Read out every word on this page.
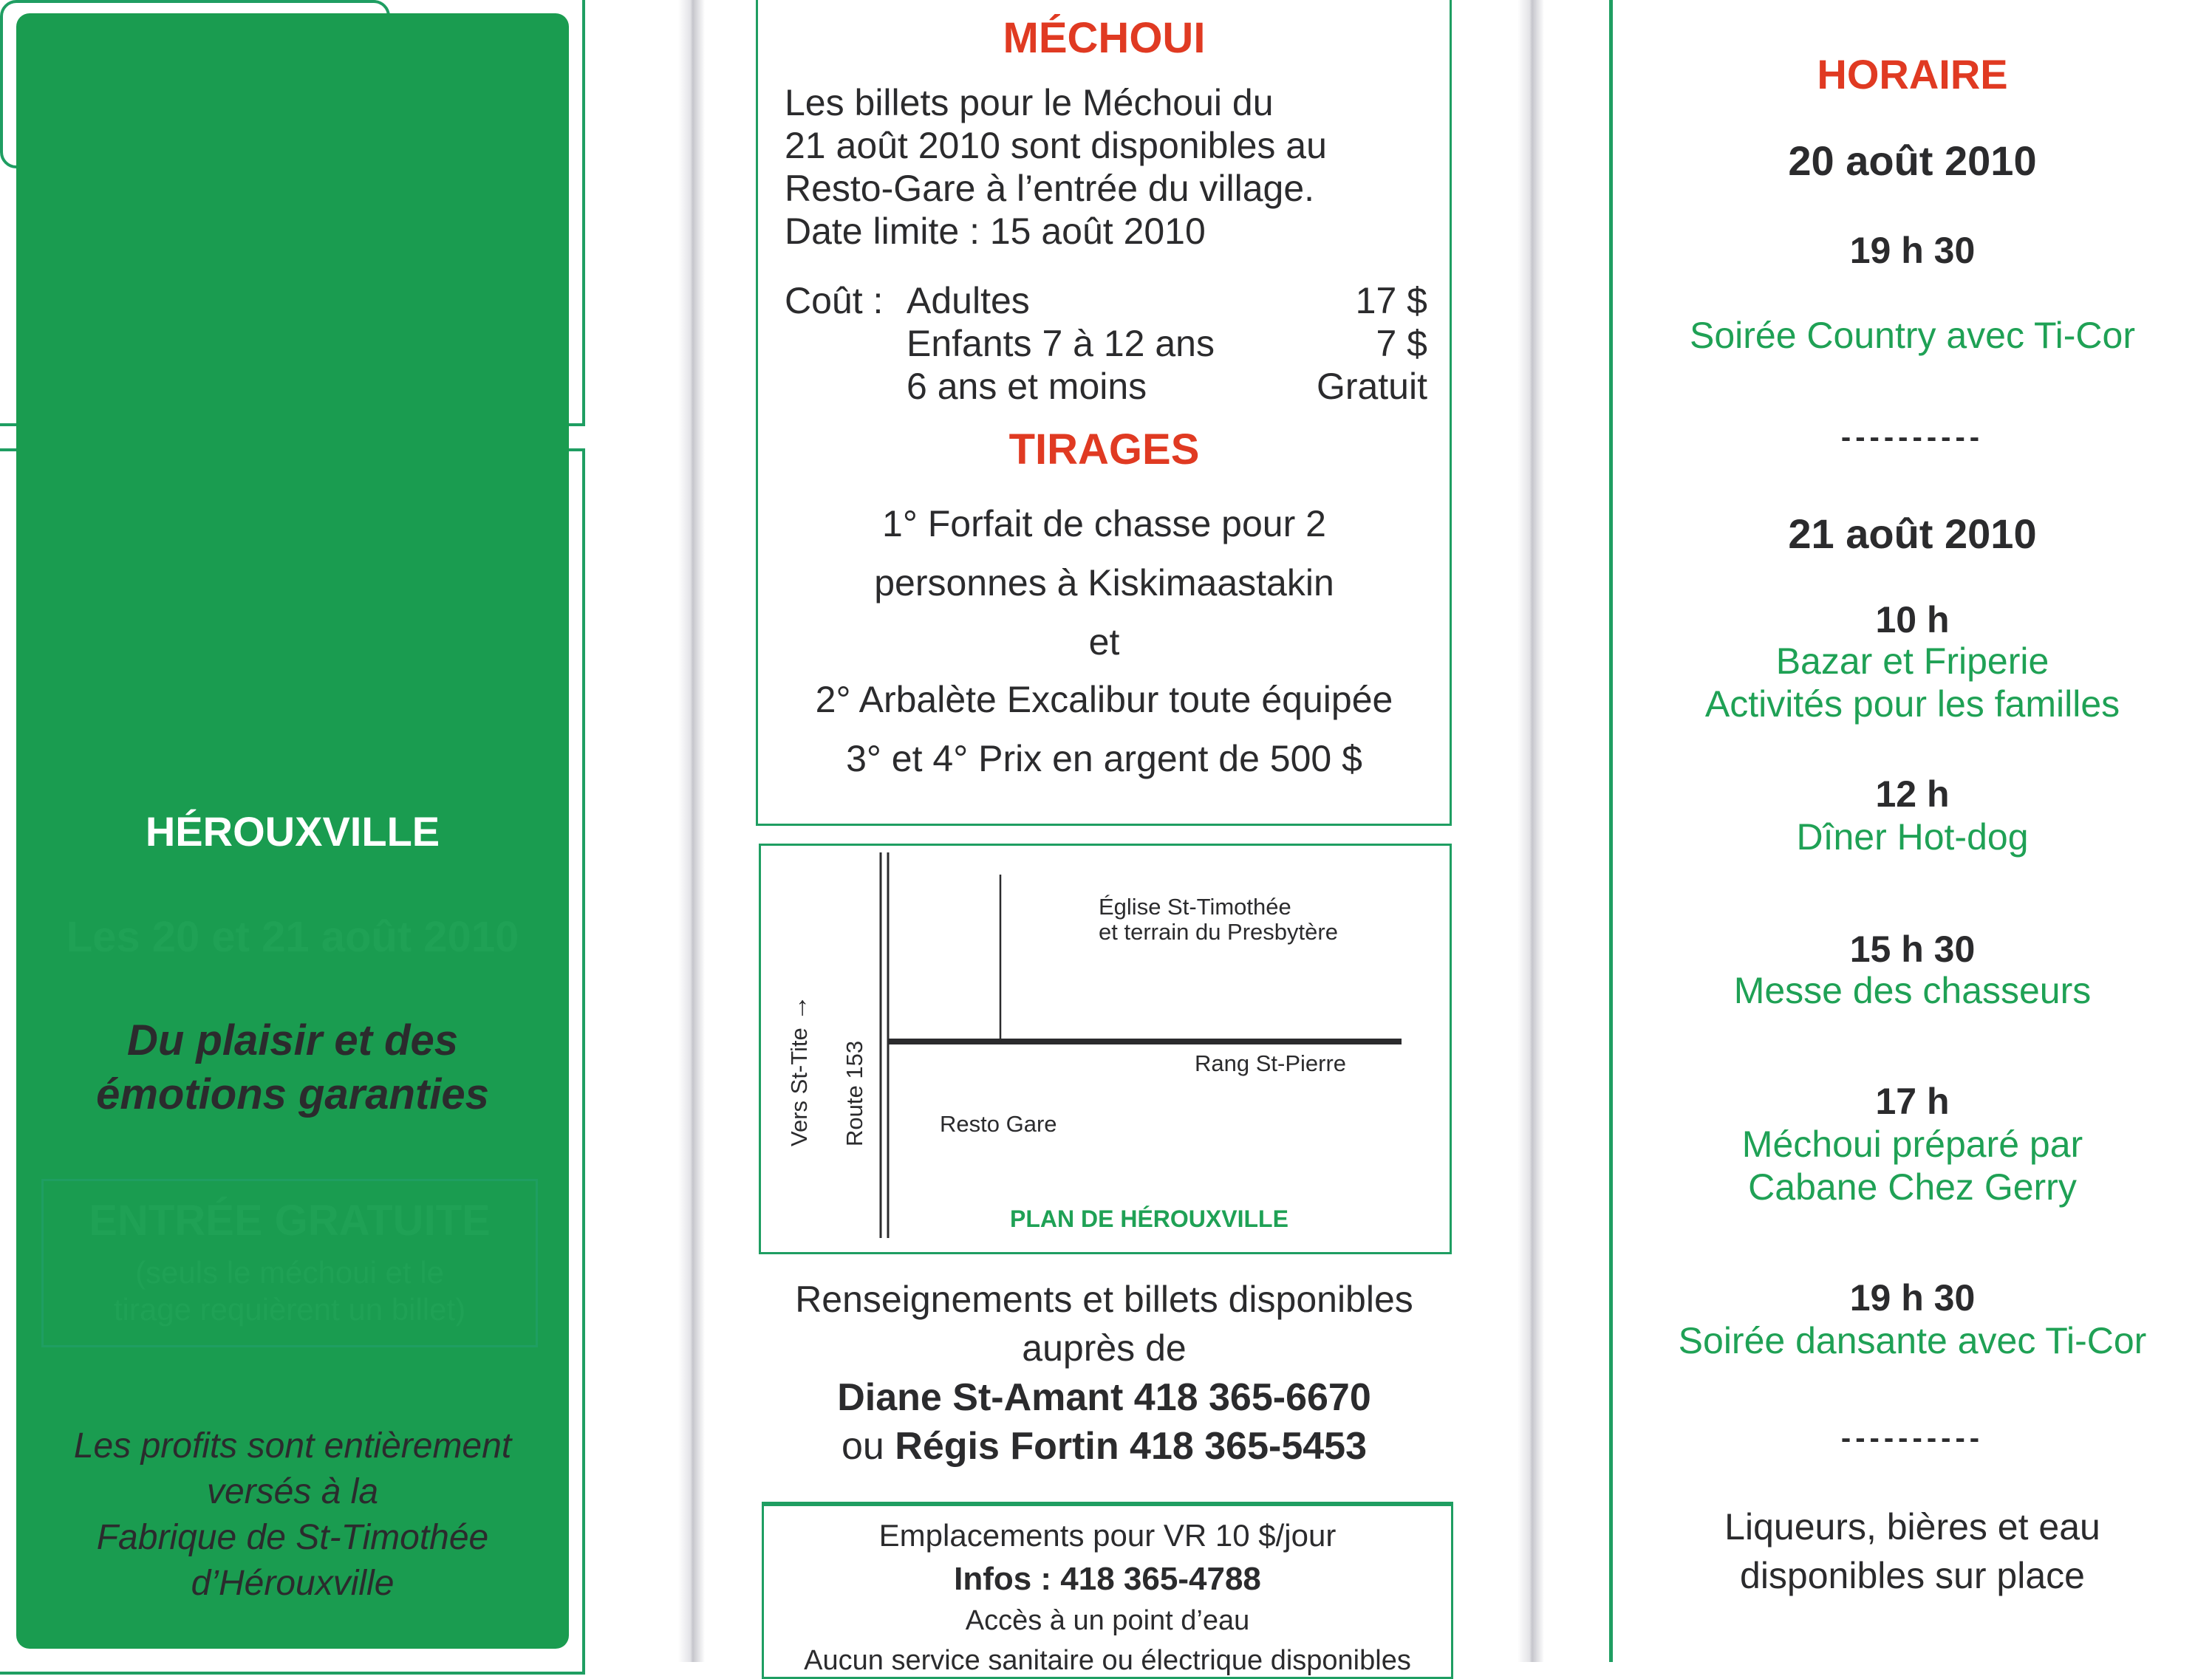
HÉROUXVILLE
Les 20 et 21 août 2010
Du plaisir et des
émotions garanties
ENTRÉE GRATUITE
(seuls le méchoui et le
tirage requièrent un billet)
Les profits sont entièrement
versés à la
Fabrique de St-Timothée
d’Hérouxville
MÉCHOUI
Les billets pour le Méchoui du
21 août 2010 sont disponibles au
Resto-Gare à l’entrée du village.
Date limite : 15 août 2010
Coût : Adultes	17 $
Enfants 7 à 12 ans	7 $
6 ans et moins	Gratuit
TIRAGES
1° Forfait de chasse pour 2
personnes à Kiskimaastakin
et
2° Arbalète Excalibur toute équipée
3° et 4° Prix en argent de 500 $
Église St-Timothée
et terrain du Presbytère
Rang St-Pierre
Resto Gare
Vers St-Tite →
Route 153
PLAN DE HÉROUXVILLE
Renseignements et billets disponibles
auprès de
Diane St-Amant 418 365-6670
ou Régis Fortin 418 365-5453
Emplacements pour VR 10 $/jour
Infos : 418 365-4788
Accès à un point d’eau
Aucun service sanitaire ou électrique disponibles
HORAIRE
20 août 2010
19 h 30
Soirée Country avec Ti-Cor
----------
21 août 2010
10 h
Bazar et Friperie
Activités pour les familles
12 h
Dîner Hot-dog
15 h 30
Messe des chasseurs
17 h
Méchoui préparé par
Cabane Chez Gerry
19 h 30
Soirée dansante avec Ti-Cor
----------
Liqueurs, bières et eau
disponibles sur place
